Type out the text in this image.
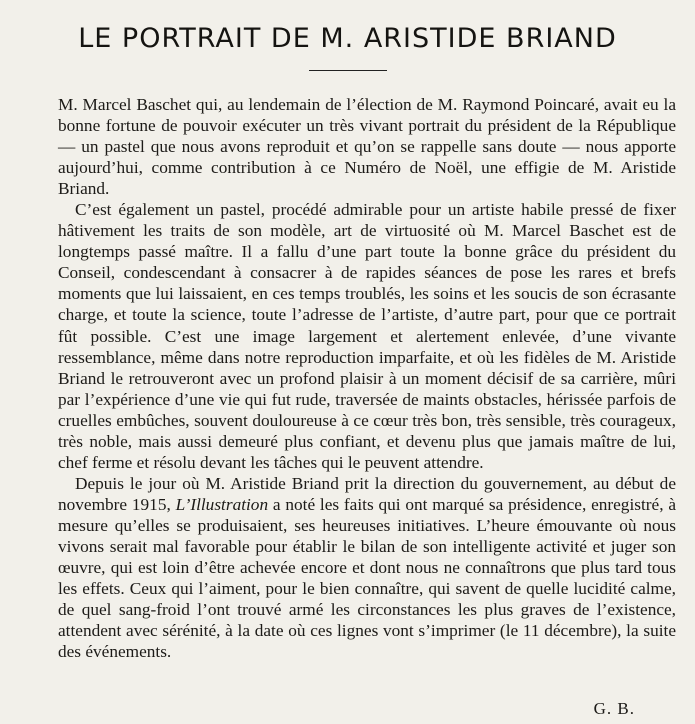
LE PORTRAIT DE M. ARISTIDE BRIAND

M. Marcel Baschet qui, au lendemain de l’élection de M. Raymond Poincaré, avait eu la bonne fortune de pouvoir exécuter un très vivant portrait du président de la République — un pastel que nous avons reproduit et qu’on se rappelle sans doute — nous apporte aujourd’hui, comme contribution à ce Numéro de Noël, une effigie de M. Aristide Briand.

C’est également un pastel, procédé admirable pour un artiste habile pressé de fixer hâtivement les traits de son modèle, art de virtuosité où M. Marcel Baschet est de longtemps passé maître. Il a fallu d’une part toute la bonne grâce du président du Conseil, condescendant à consacrer à de rapides séances de pose les rares et brefs moments que lui laissaient, en ces temps troublés, les soins et les soucis de son écrasante charge, et toute la science, toute l’adresse de l’artiste, d’autre part, pour que ce portrait fût possible. C’est une image largement et alertement enlevée, d’une vivante ressemblance, même dans notre reproduction imparfaite, et où les fidèles de M. Aristide Briand le retrouveront avec un profond plaisir à un moment décisif de sa carrière, mûri par l’expérience d’une vie qui fut rude, traversée de maints obstacles, hérissée parfois de cruelles embûches, souvent douloureuse à ce cœur très bon, très sensible, très courageux, très noble, mais aussi demeuré plus confiant, et devenu plus que jamais maître de lui, chef ferme et résolu devant les tâches qui le peuvent attendre.

Depuis le jour où M. Aristide Briand prit la direction du gouvernement, au début de novembre 1915, L’Illustration a noté les faits qui ont marqué sa présidence, enregistré, à mesure qu’elles se produisaient, ses heureuses initiatives. L’heure émouvante où nous vivons serait mal favorable pour établir le bilan de son intelligente activité et juger son œuvre, qui est loin d’être achevée encore et dont nous ne connaîtrons que plus tard tous les effets. Ceux qui l’aiment, pour le bien connaître, qui savent de quelle lucidité calme, de quel sang-froid l’ont trouvé armé les circonstances les plus graves de l’existence, attendent avec sérénité, à la date où ces lignes vont s’imprimer (le 11 décembre), la suite des événements.

G. B.
